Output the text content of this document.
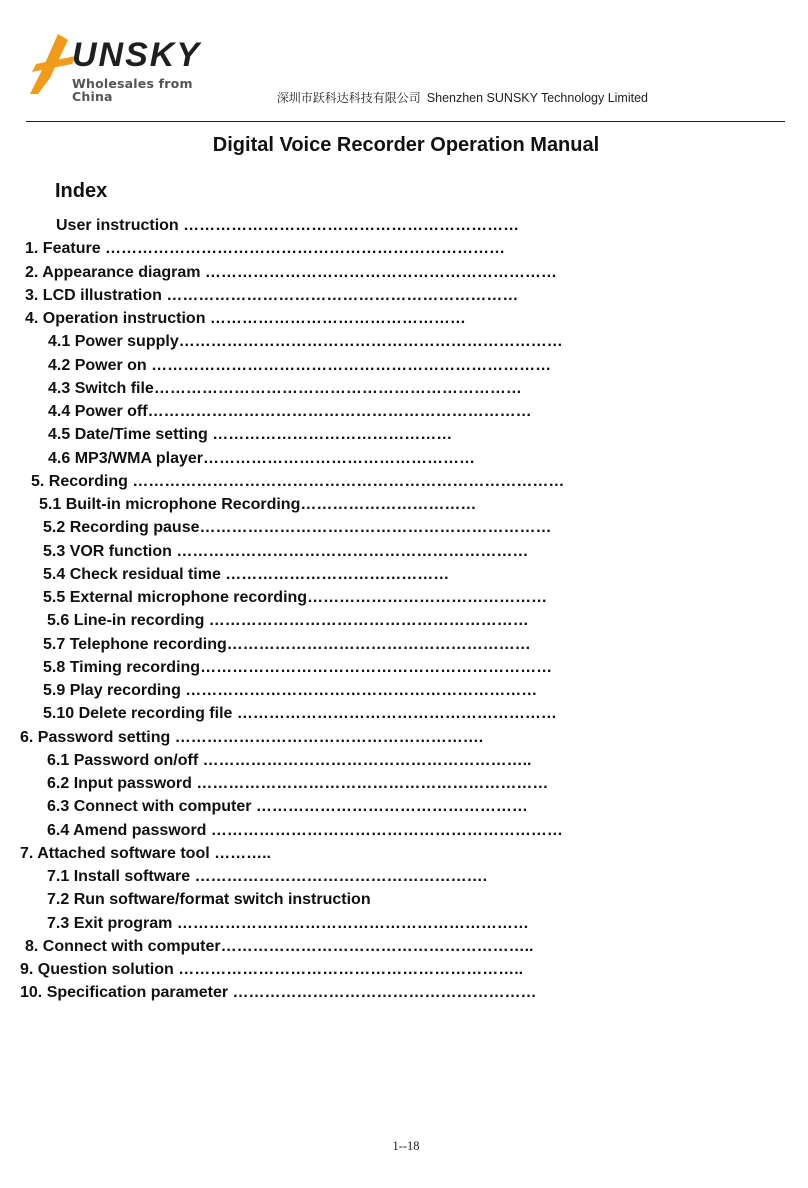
UNSKY
Wholesales from China	深圳市跃科达科技有限公司 Shenzhen SUNSKY Technology Limited
Digital Voice Recorder Operation Manual
Index
User instruction ………………………………………………………
1. Feature …………………………………………………………………
2. Appearance diagram …………………………………………………………
3. LCD illustration …………………………………………………………
4. Operation instruction …………………………………………
4.1 Power supply………………………………………………………………
4.2 Power on …………………………………………………………………
4.3 Switch file……………………………………………………………
4.4 Power off………………………………………………………………
4.5 Date/Time setting ………………………………………
4.6 MP3/WMA player……………………………………………
5. Recording ………………………………………………………………………
5.1 Built-in microphone Recording……………………………
5.2 Recording pause…………………………………………………………
5.3 VOR function …………………………………………………………
5.4 Check residual time ……………………………………
5.5 External microphone recording………………………………………
5.6 Line-in recording ……………………………………………………
5.7 Telephone recording…………………………………………………
5.8 Timing recording…………………………………………………………
5.9 Play recording …………………………………………………………
5.10 Delete recording file ……………………………………………………
6. Password setting ………………………………………………….
6.1 Password on/off ……………………………………………………..
6.2 Input password …………………………………………………………
6.3 Connect with computer ……………………………………………
6.4 Amend password …………………………………………………………
7. Attached software tool ………..
7.1 Install software ……………………………………………….
7.2 Run software/format switch instruction
7.3 Exit program …………………………………………………………
8. Connect with computer…………………………………………………..
9. Question solution ………………………………………………………..
10. Specification parameter …………………………………………………
1--18
